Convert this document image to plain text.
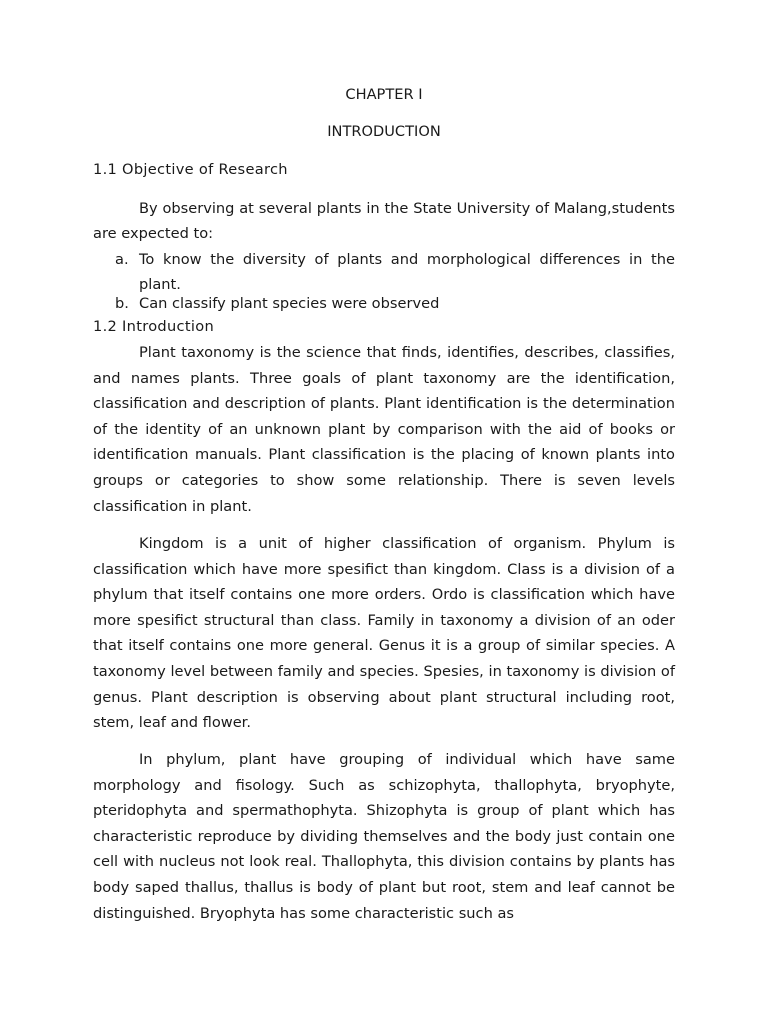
CHAPTER I

INTRODUCTION

1.1 Objective of Research

By observing at several plants in the State University of Malang,students are expected to:

a. To know the diversity of plants and morphological differences in the plant.
b. Can classify plant species were observed

1.2 Introduction

Plant taxonomy is the science that finds, identifies, describes, classifies, and names plants. Three goals of plant taxonomy are the identification, classification and description of plants. Plant identification is the determination of the identity of an unknown plant by comparison with the aid of books or identification manuals. Plant classification is the placing of known plants into groups or categories to show some relationship. There is seven levels classification in plant.

Kingdom is a unit of higher classification of organism. Phylum is classification which have more spesifict than kingdom. Class is a division of a phylum that itself contains one more orders. Ordo is classification which have more spesifict structural than class. Family in taxonomy a division of an oder that itself contains one more general. Genus it is a group of similar species. A taxonomy level between family and species. Spesies, in taxonomy is division of genus. Plant description is observing about plant structural including root, stem, leaf and flower.

In phylum, plant have grouping of individual which have same morphology and fisology. Such as schizophyta, thallophyta, bryophyte, pteridophyta and spermathophyta. Shizophyta is group of plant which has characteristic reproduce by dividing themselves and the body just contain one cell with nucleus not look real. Thallophyta, this division contains by plants has body saped thallus, thallus is body of plant but root, stem and leaf cannot be distinguished. Bryophyta has some characteristic such as
